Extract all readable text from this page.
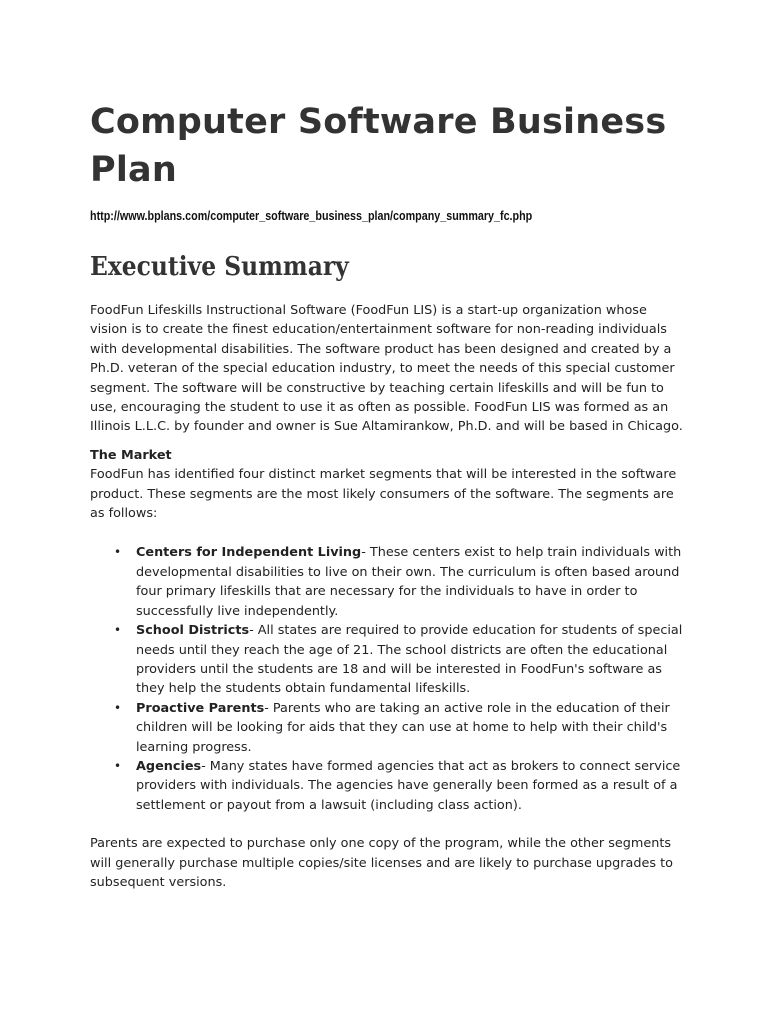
Computer Software Business Plan
http://www.bplans.com/computer_software_business_plan/company_summary_fc.php
Executive Summary

FoodFun Lifeskills Instructional Software (FoodFun LIS) is a start-up organization whose vision is to create the finest education/entertainment software for non-reading individuals with developmental disabilities. The software product has been designed and created by a Ph.D. veteran of the special education industry, to meet the needs of this special customer segment. The software will be constructive by teaching certain lifeskills and will be fun to use, encouraging the student to use it as often as possible. FoodFun LIS was formed as an Illinois L.L.C. by founder and owner is Sue Altamirankow, Ph.D. and will be based in Chicago.

The Market

FoodFun has identified four distinct market segments that will be interested in the software product. These segments are the most likely consumers of the software. The segments are as follows:

• Centers for Independent Living- These centers exist to help train individuals with developmental disabilities to live on their own. The curriculum is often based around four primary lifeskills that are necessary for the individuals to have in order to successfully live independently.
• School Districts- All states are required to provide education for students of special needs until they reach the age of 21. The school districts are often the educational providers until the students are 18 and will be interested in FoodFun's software as they help the students obtain fundamental lifeskills.
• Proactive Parents- Parents who are taking an active role in the education of their children will be looking for aids that they can use at home to help with their child's learning progress.
• Agencies- Many states have formed agencies that act as brokers to connect service providers with individuals. The agencies have generally been formed as a result of a settlement or payout from a lawsuit (including class action).

Parents are expected to purchase only one copy of the program, while the other segments will generally purchase multiple copies/site licenses and are likely to purchase upgrades to subsequent versions.
